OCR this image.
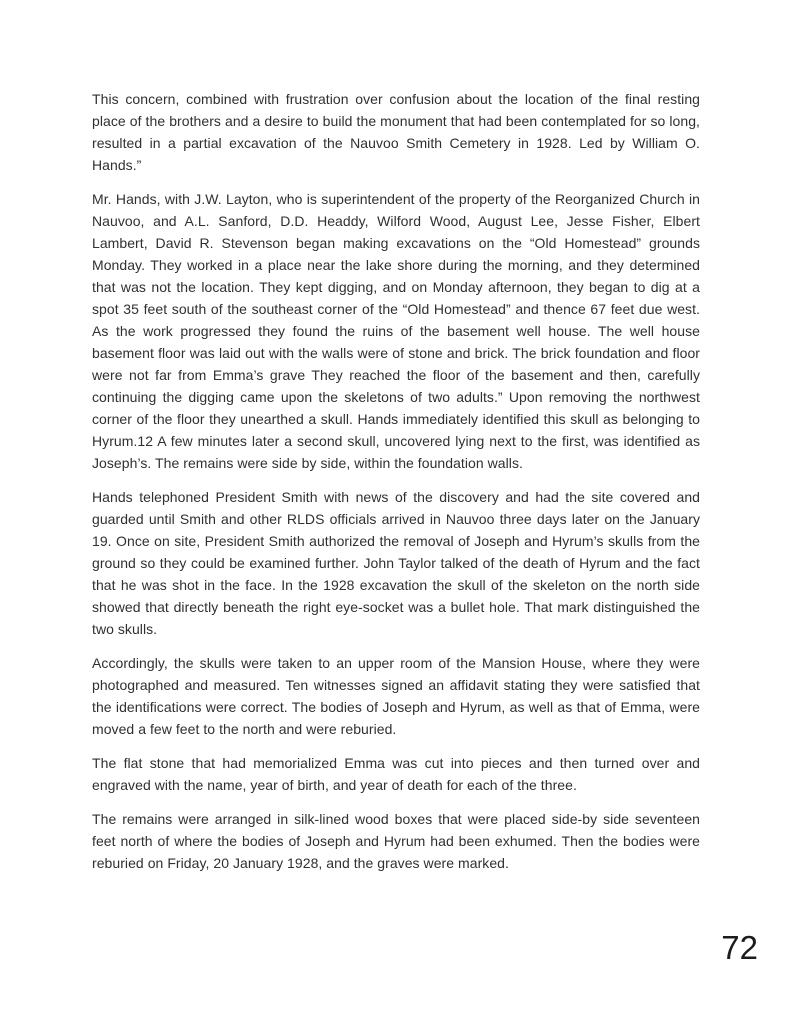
This concern, combined with frustration over confusion about the location of the final resting place of the brothers and a desire to build the monument that had been contemplated for so long, resulted in a partial excavation of the Nauvoo Smith Cemetery in 1928. Led by William O. Hands.”

Mr. Hands, with J.W. Layton, who is superintendent of the property of the Reorganized Church in Nauvoo, and A.L. Sanford, D.D. Headdy, Wilford Wood, August Lee, Jesse Fisher, Elbert Lambert, David R. Stevenson began making excavations on the “Old Homestead” grounds Monday. They worked in a place near the lake shore during the morning, and they determined that was not the location. They kept digging, and on Monday afternoon, they began to dig at a spot 35 feet south of the southeast corner of the “Old Homestead” and thence 67 feet due west. As the work progressed they found the ruins of the basement well house. The well house basement floor was laid out with the walls were of stone and brick. The brick foundation and floor were not far from Emma’s grave They reached the floor of the basement and then, carefully continuing the digging came upon the skeletons of two adults.” Upon removing the northwest corner of the floor they unearthed a skull. Hands immediately identified this skull as belonging to Hyrum.12 A few minutes later a second skull, uncovered lying next to the first, was identified as Joseph’s. The remains were side by side, within the foundation walls.

Hands telephoned President Smith with news of the discovery and had the site covered and guarded until Smith and other RLDS officials arrived in Nauvoo three days later on the January 19. Once on site, President Smith authorized the removal of Joseph and Hyrum’s skulls from the ground so they could be examined further. John Taylor talked of the death of Hyrum and the fact that he was shot in the face. In the 1928 excavation the skull of the skeleton on the north side showed that directly beneath the right eye-socket was a bullet hole. That mark distinguished the two skulls.

Accordingly, the skulls were taken to an upper room of the Mansion House, where they were photographed and measured. Ten witnesses signed an affidavit stating they were satisfied that the identifications were correct. The bodies of Joseph and Hyrum, as well as that of Emma, were moved a few feet to the north and were reburied.

The flat stone that had memorialized Emma was cut into pieces and then turned over and engraved with the name, year of birth, and year of death for each of the three.

The remains were arranged in silk-lined wood boxes that were placed side-by side seventeen feet north of where the bodies of Joseph and Hyrum had been exhumed. Then the bodies were reburied on Friday, 20 January 1928, and the graves were marked.

72
